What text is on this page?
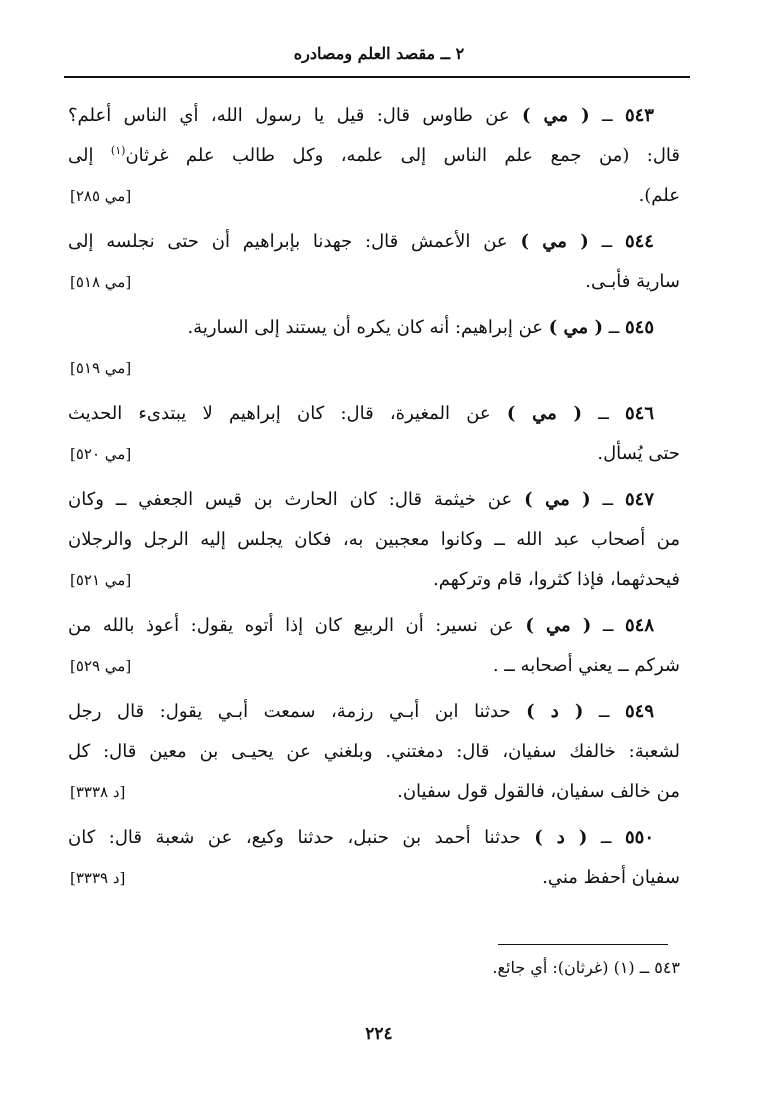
٢ ــ مقصد العلم ومصادره

٥٤٣ ــ ( مي ) عن طاوس قال: قيل يا رسول الله، أي الناس أعلم؟
قال: (من جمع علم الناس إلى علمه، وكل طالب علم غرثان$^{(١)}$ إلى
علم).
[مي ٢٨٥]

٥٤٤ ــ ( مي ) عن الأعمش قال: جهدنا بإبراهيم أن حتى نجلسه إلى
سارية فأبـى.
[مي ٥١٨]

٥٤٥ ــ ( مي ) عن إبراهيم: أنه كان يكره أن يستند إلى السارية.
[مي ٥١٩]

٥٤٦ ــ ( مي ) عن المغيرة، قال: كان إبراهيم لا يبتدىء الحديث
حتى يُسأل.
[مي ٥٢٠]

٥٤٧ ــ ( مي ) عن خيثمة قال: كان الحارث بن قيس الجعفي ــ وكان
من أصحاب عبد الله ــ وكانوا معجبين به، فكان يجلس إليه الرجل والرجلان
فيحدثهما، فإذا كثروا، قام وتركهم.
[مي ٥٢١]

٥٤٨ ــ ( مي ) عن نسير: أن الربيع كان إذا أتوه يقول: أعوذ بالله من
شركم ــ يعني أصحابه ــ .
[مي ٥٢٩]

٥٤٩ ــ ( د ) حدثنا ابن أبـي رزمة، سمعت أبـي يقول: قال رجل
لشعبة: خالفك سفيان، قال: دمغتني. وبلغني عن يحيـى بن معين قال: كل
من خالف سفيان، فالقول قول سفيان.
[د ٣٣٣٨]

٥٥٠ ــ ( د ) حدثنا أحمد بن حنبل، حدثنا وكيع، عن شعبة قال: كان
سفيان أحفظ مني.
[د ٣٣٣٩]

٥٤٣ ــ (١) (غرثان): أي جائع.
٢٢٤
